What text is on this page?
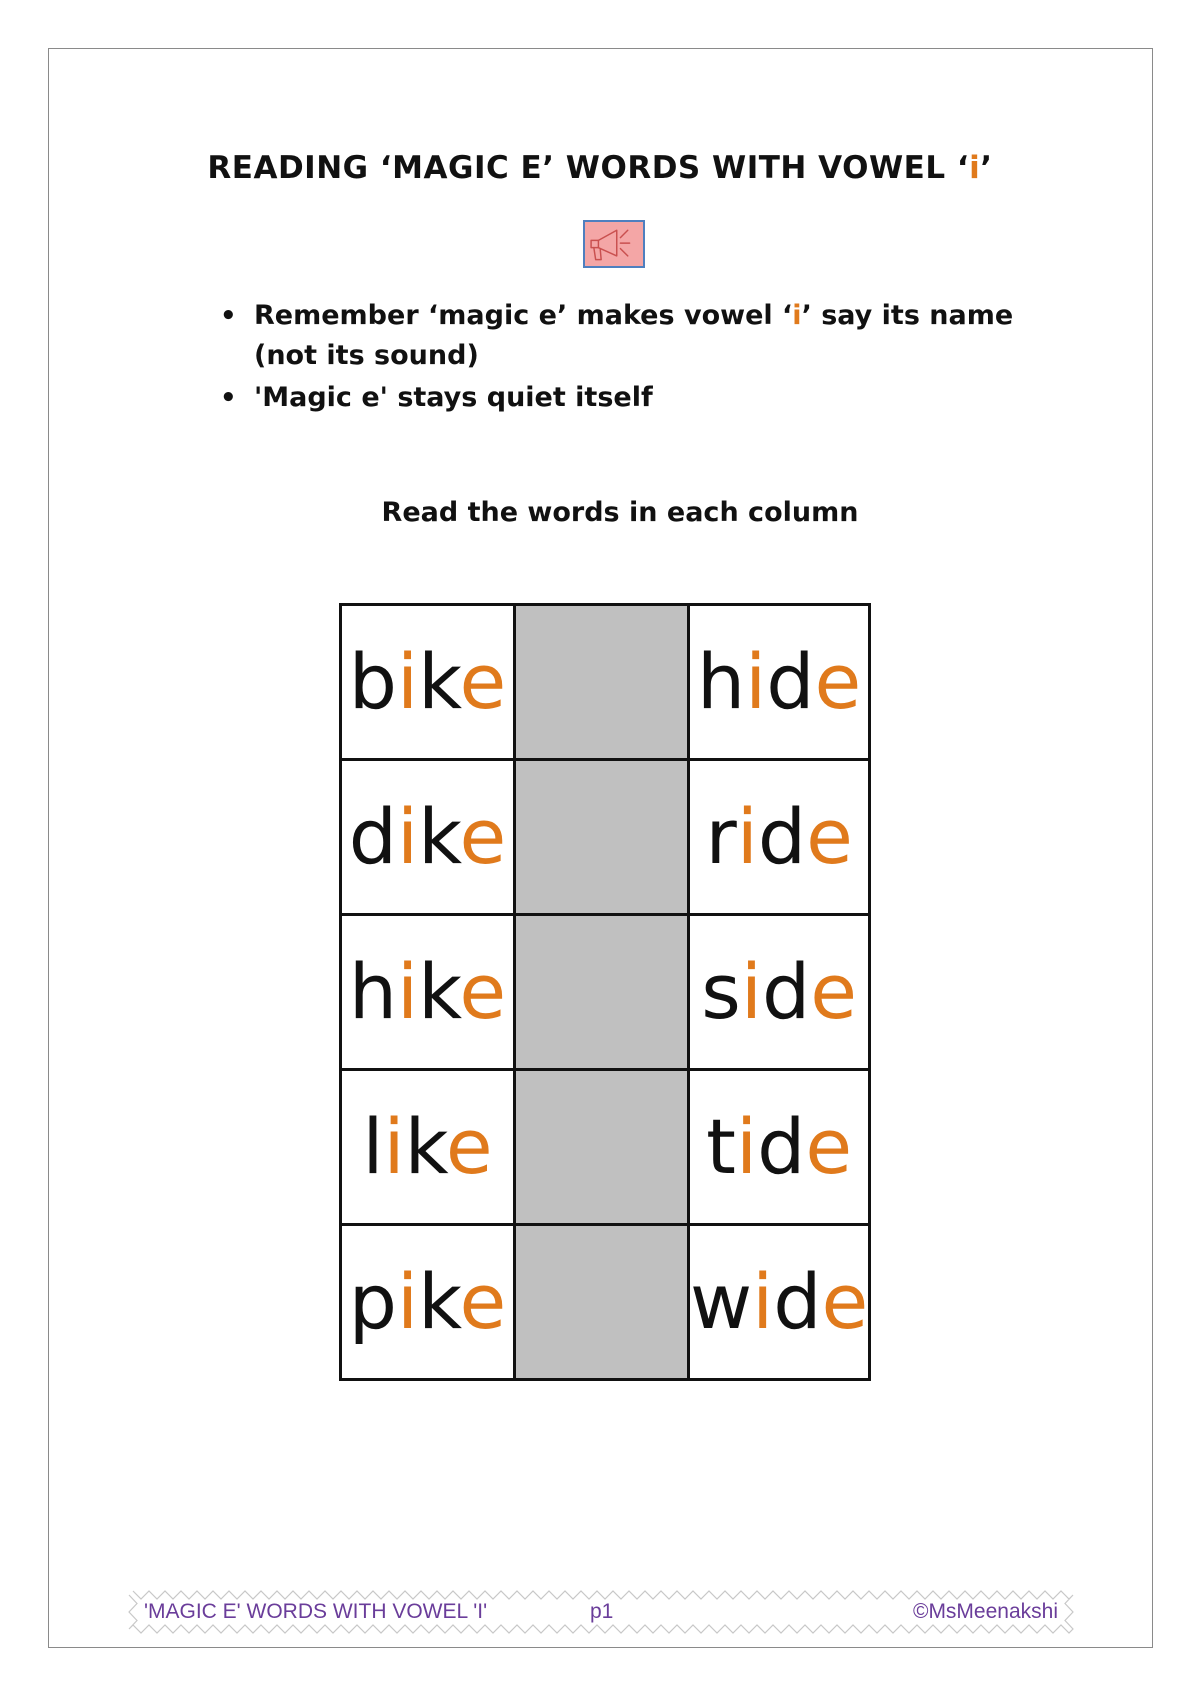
READING ‘MAGIC E’ WORDS WITH VOWEL ‘i’
• Remember ‘magic e’ makes vowel ‘i’ say its name (not its sound)
• 'Magic e' stays quiet itself
Read the words in each column
bike		hide
dike		ride
hike		side
like		tide
pike		wide
'MAGIC E' WORDS WITH VOWEL 'I'	p1	©MsMeenakshi
